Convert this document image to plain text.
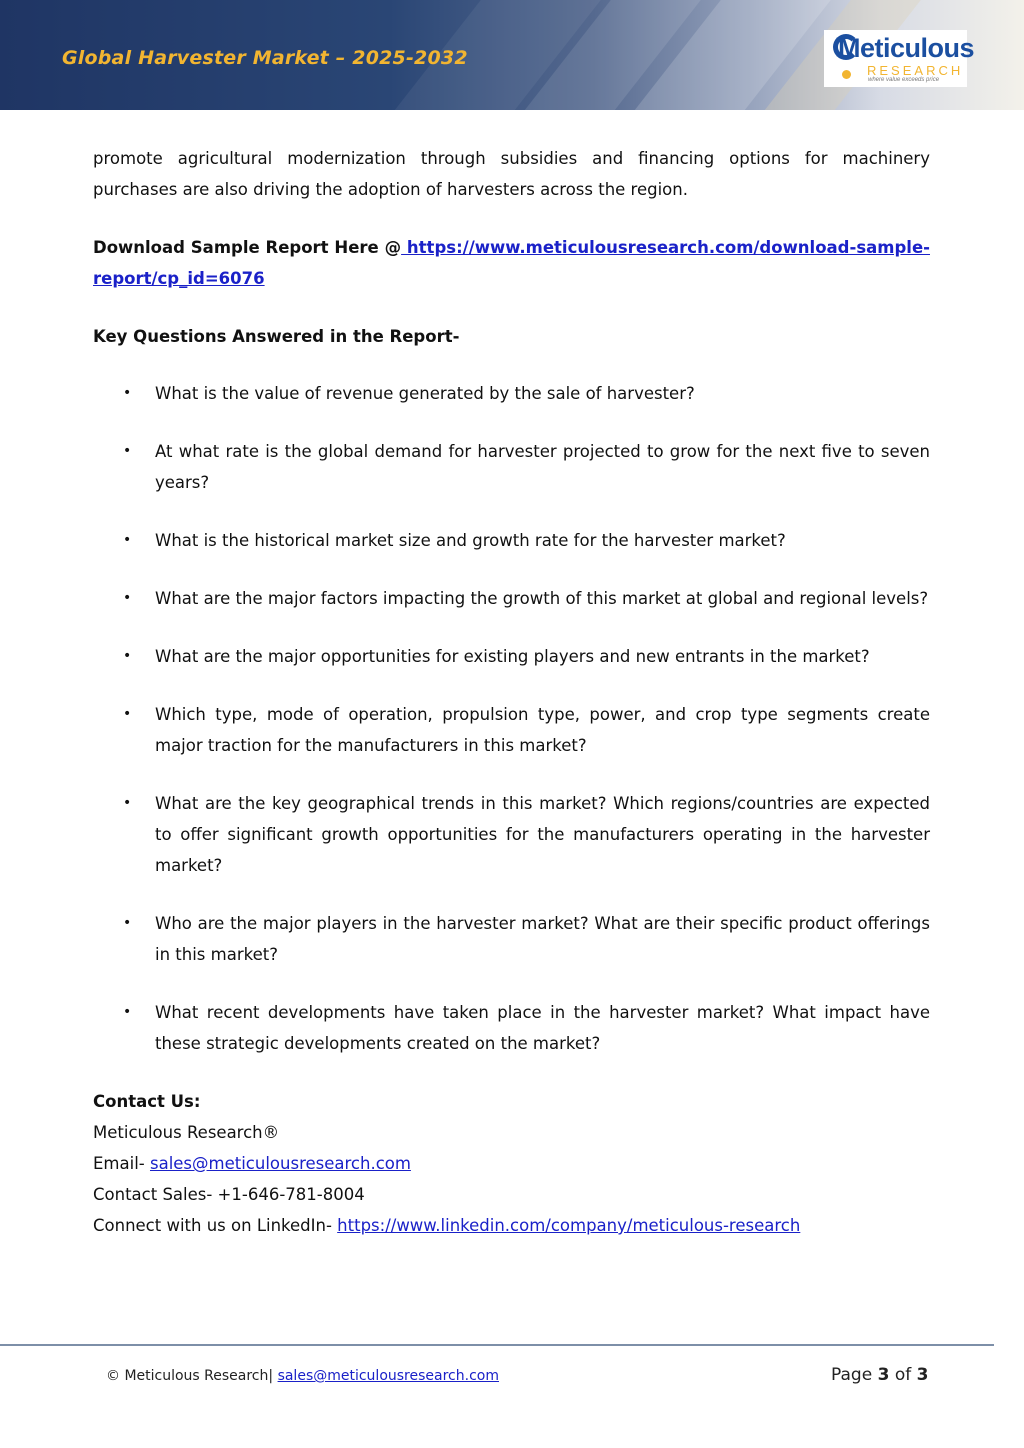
Global Harvester Market – 2025-2032	Meticulous
RESEARCH
where value exceeds price

promote agricultural modernization through subsidies and financing options for machinery purchases are also driving the adoption of harvesters across the region.

Download Sample Report Here @ https://www.meticulousresearch.com/download-sample-report/cp_id=6076

Key Questions Answered in the Report-

• What is the value of revenue generated by the sale of harvester?
• At what rate is the global demand for harvester projected to grow for the next five to seven years?
• What is the historical market size and growth rate for the harvester market?
• What are the major factors impacting the growth of this market at global and regional levels?
• What are the major opportunities for existing players and new entrants in the market?
• Which type, mode of operation, propulsion type, power, and crop type segments create major traction for the manufacturers in this market?
• What are the key geographical trends in this market? Which regions/countries are expected to offer significant growth opportunities for the manufacturers operating in the harvester market?
• Who are the major players in the harvester market? What are their specific product offerings in this market?
• What recent developments have taken place in the harvester market? What impact have these strategic developments created on the market?

Contact Us:

Meticulous Research®

Email- sales@meticulousresearch.com

Contact Sales- +1-646-781-8004

Connect with us on LinkedIn- https://www.linkedin.com/company/meticulous-research

© Meticulous Research| sales@meticulousresearch.com	Page 3 of 3
